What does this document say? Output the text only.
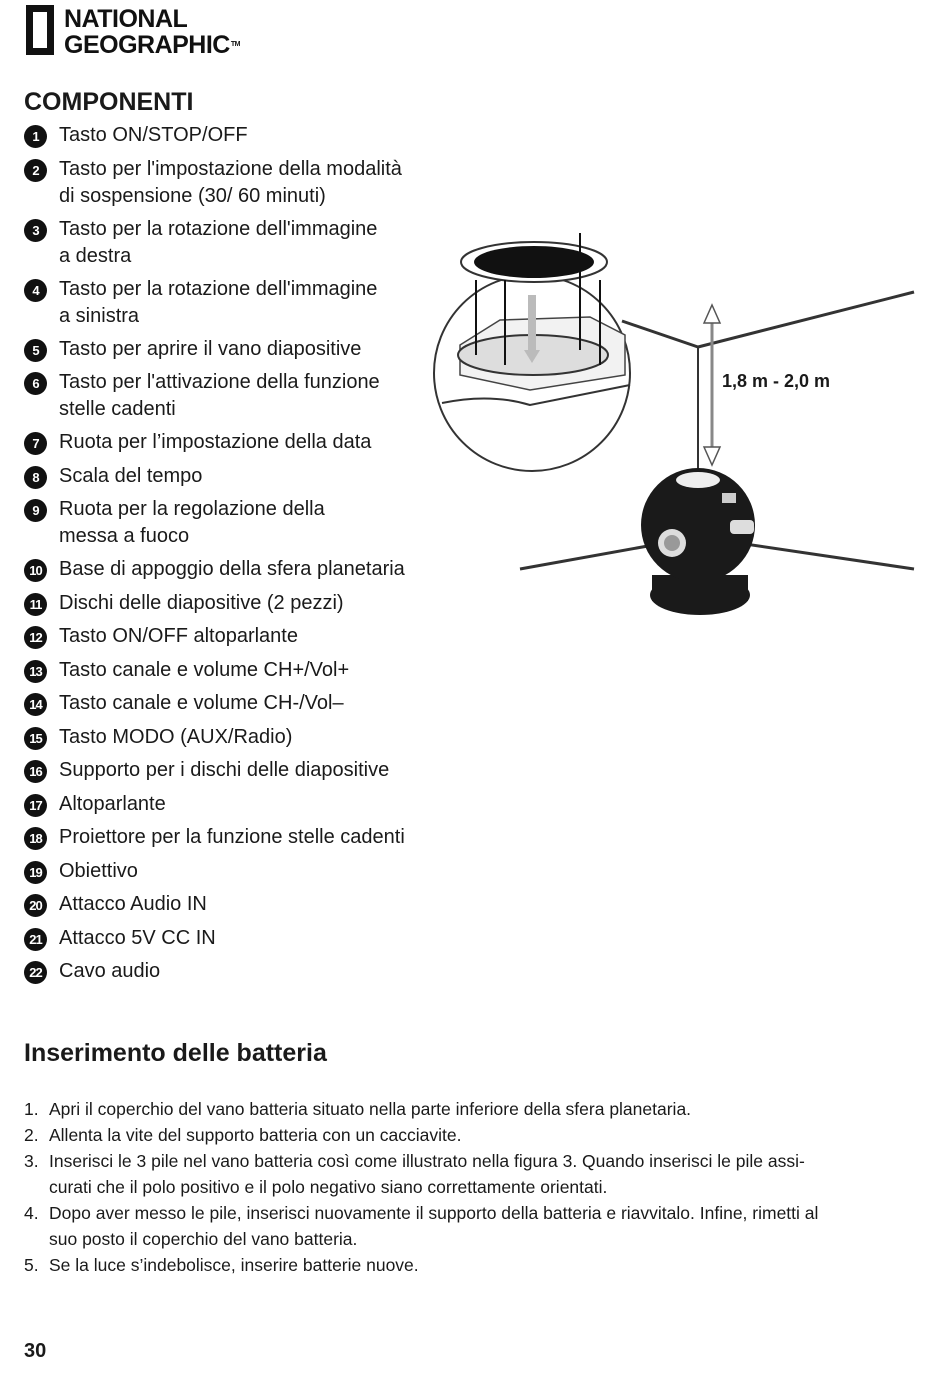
NATIONAL
GEOGRAPHIC™
COMPONENTI
1	Tasto ON/STOP/OFF
2	Tasto per l'impostazione della modalità
di sospensione (30/ 60 minuti)
3	Tasto per la rotazione dell'immagine
a destra
4	Tasto per la rotazione dell'immagine
a sinistra
5	Tasto per aprire il vano diapositive
6	Tasto per l'attivazione della funzione
stelle cadenti
7	Ruota per l’impostazione della data
8	Scala del tempo
9	Ruota per la regolazione della
messa a fuoco
10 Base di appoggio della sfera planetaria
11 Dischi delle diapositive (2 pezzi)
12 Tasto ON/OFF altoparlante
13 Tasto canale e volume CH+/Vol+
14 Tasto canale e volume CH-/Vol–
15 Tasto MODO (AUX/Radio)
16 Supporto per i dischi delle diapositive
17 Altoparlante
18 Proiettore per la funzione stelle cadenti
19 Obiettivo
20 Attacco Audio IN
21 Attacco 5V CC IN
22 Cavo audio
1,8 m - 2,0 m
Inserimento delle batteria
1. Apri il coperchio del vano batteria situato nella parte inferiore della sfera planetaria.
2. Allenta la vite del supporto batteria con un cacciavite.
3. Inserisci le 3 pile nel vano batteria così come illustrato nella figura 3. Quando inserisci le pile assi-
curati che il polo positivo e il polo negativo siano correttamente orientati.
4. Dopo aver messo le pile, inserisci nuovamente il supporto della batteria e riavvitalo. Infine, rimetti al
suo posto il coperchio del vano batteria.
5. Se la luce s’indebolisce, inserire batterie nuove.
30
